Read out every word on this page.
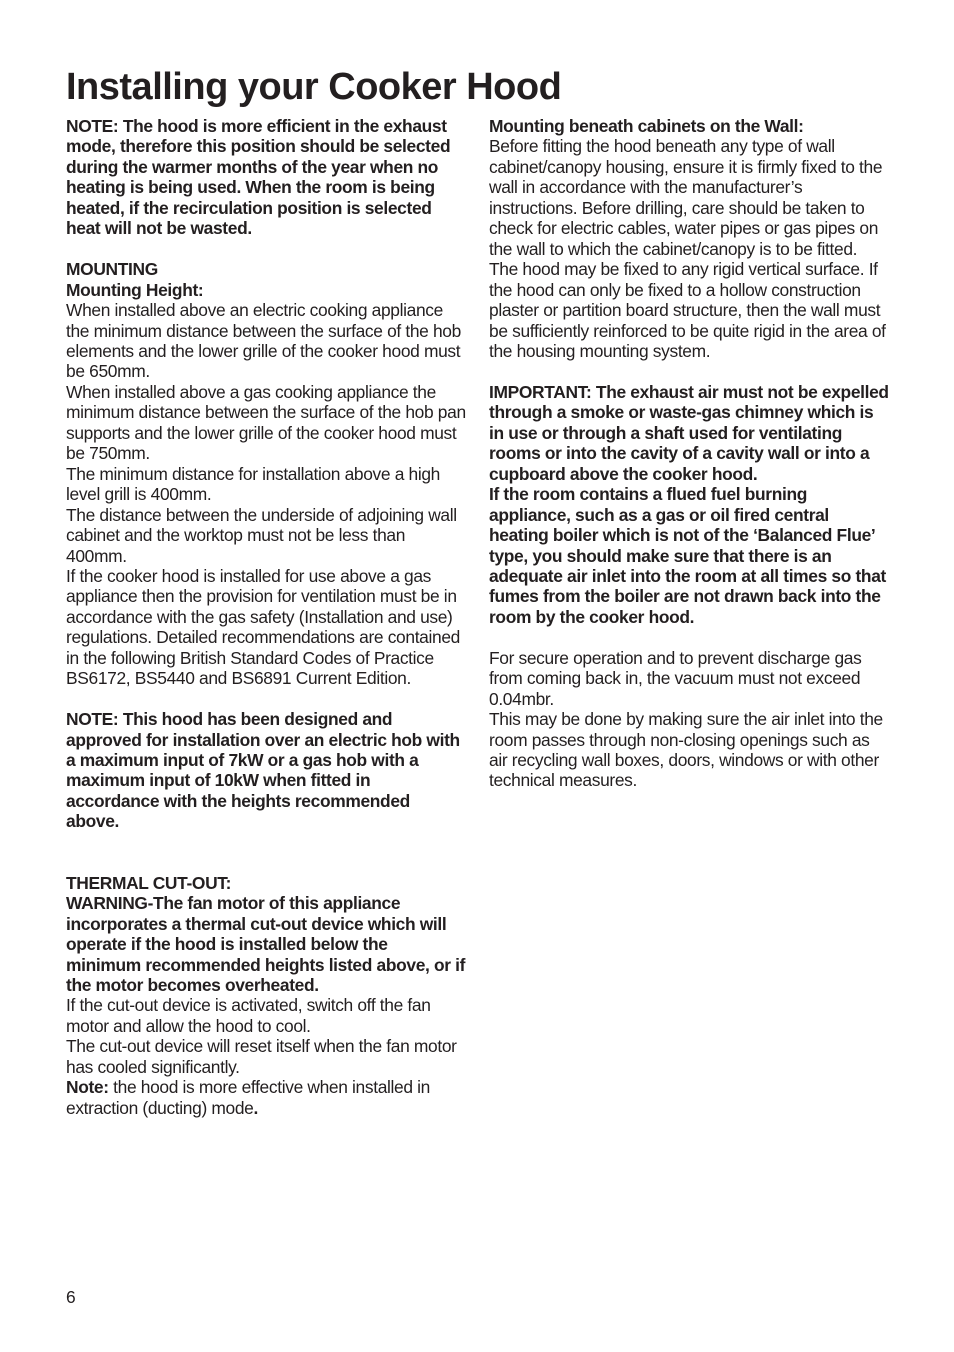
Installing your Cooker Hood

NOTE: The hood is more efficient in the exhaust mode, therefore this position should be selected during the warmer months of the year when no heating is being used. When the room is being heated, if the recirculation position is selected heat will not be wasted.

MOUNTING

Mounting Height:

When installed above an electric cooking appliance the minimum distance between the surface of the hob elements and the lower grille of the cooker hood must be 650mm.

When installed above a gas cooking appliance the minimum distance between the surface of the hob pan supports and the lower grille of the cooker hood must be 750mm.

The minimum distance for installation above a high level grill is 400mm.

The distance between the underside of adjoining wall cabinet and the worktop must not be less than 400mm.

If the cooker hood is installed for use above a gas appliance then the provision for ventilation must be in accordance with the gas safety (Installation and use) regulations. Detailed recommendations are contained in the following British Standard Codes of Practice BS6172, BS5440 and BS6891 Current Edition.

NOTE: This hood has been designed and approved for installation over an electric hob with a maximum input of 7kW or a gas hob with a maximum input of 10kW when fitted in accordance with the heights recommended above.

THERMAL CUT-OUT:

WARNING-The fan motor of this appliance incorporates a thermal cut-out device which will operate if the hood is installed below the minimum recommended heights listed above, or if the motor becomes overheated.

If the cut-out device is activated, switch off the fan motor and allow the hood to cool.

The cut-out device will reset itself when the fan motor has cooled significantly.

Note: the hood is more effective when installed in extraction (ducting) mode.

Mounting beneath cabinets on the Wall:

Before fitting the hood beneath any type of wall cabinet/canopy housing, ensure it is firmly fixed to the wall in accordance with the manufacturer’s instructions. Before drilling, care should be taken to check for electric cables, water pipes or gas pipes on the wall to which the cabinet/canopy is to be fitted.

The hood may be fixed to any rigid vertical surface. If the hood can only be fixed to a hollow construction plaster or partition board structure, then the wall must be sufficiently reinforced to be quite rigid in the area of the housing mounting system.

IMPORTANT: The exhaust air must not be expelled through a smoke or waste-gas chimney which is in use or through a shaft used for ventilating rooms or into the cavity of a cavity wall or into a cupboard above the cooker hood.

If the room contains a flued fuel burning appliance, such as a gas or oil fired central heating boiler which is not of the ‘Balanced Flue’ type, you should make sure that there is an adequate air inlet into the room at all times so that fumes from the boiler are not drawn back into the room by the cooker hood.

For secure operation and to prevent discharge gas from coming back in, the vacuum must not exceed 0.04mbr.

This may be done by making sure the air inlet into the room passes through non-closing openings such as air recycling wall boxes, doors, windows or with other technical measures.

6
